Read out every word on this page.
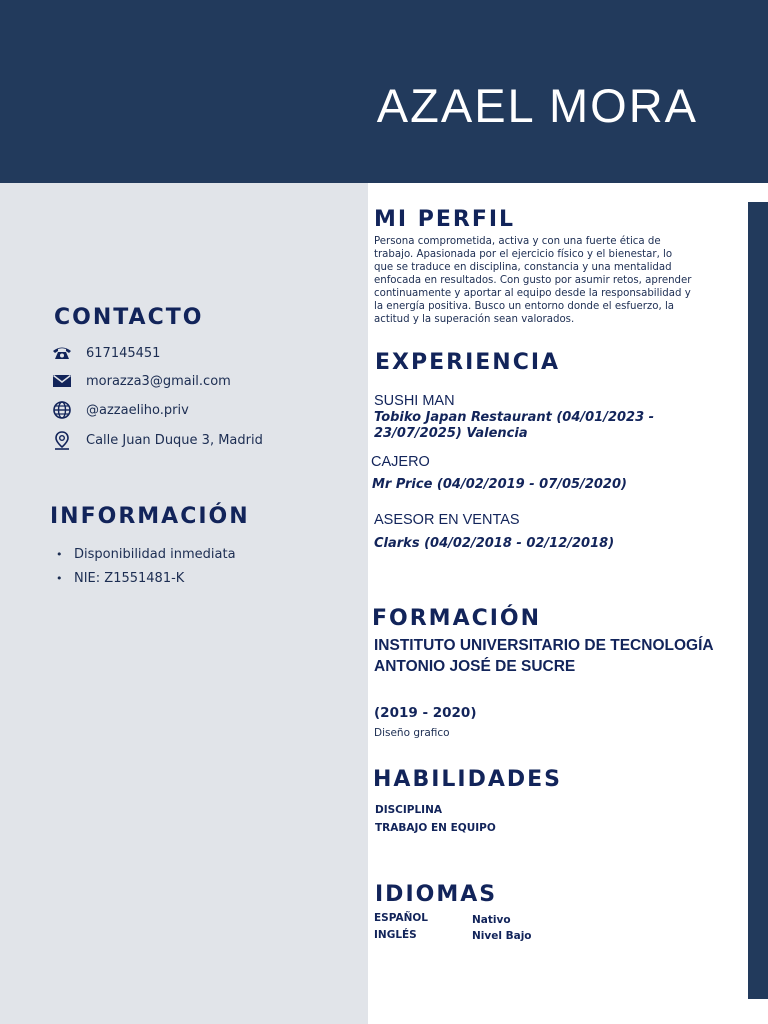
AZAEL MORA
CONTACTO
617145451
morazza3@gmail.com
@azzaeliho.priv
Calle Juan Duque 3, Madrid
INFORMACIÓN
• Disponibilidad inmediata
• NIE: Z1551481-K
MI PERFIL
Persona comprometida, activa y con una fuerte ética de trabajo. Apasionada por el ejercicio físico y el bienestar, lo que se traduce en disciplina, constancia y una mentalidad enfocada en resultados. Con gusto por asumir retos, aprender continuamente y aportar al equipo desde la responsabilidad y la energía positiva. Busco un entorno donde el esfuerzo, la actitud y la superación sean valorados.
EXPERIENCIA
SUSHI MAN
Tobiko Japan Restaurant (04/01/2023 - 23/07/2025) Valencia
CAJERO
Mr Price (04/02/2019 - 07/05/2020)
ASESOR EN VENTAS
Clarks (04/02/2018 - 02/12/2018)
FORMACIÓN
INSTITUTO UNIVERSITARIO DE TECNOLOGÍA ANTONIO JOSÉ DE SUCRE
(2019 - 2020)
Diseño grafico
HABILIDADES
DISCIPLINA
TRABAJO EN EQUIPO
IDIOMAS
ESPAÑOL	Nativo
INGLÉS	Nivel Bajo
